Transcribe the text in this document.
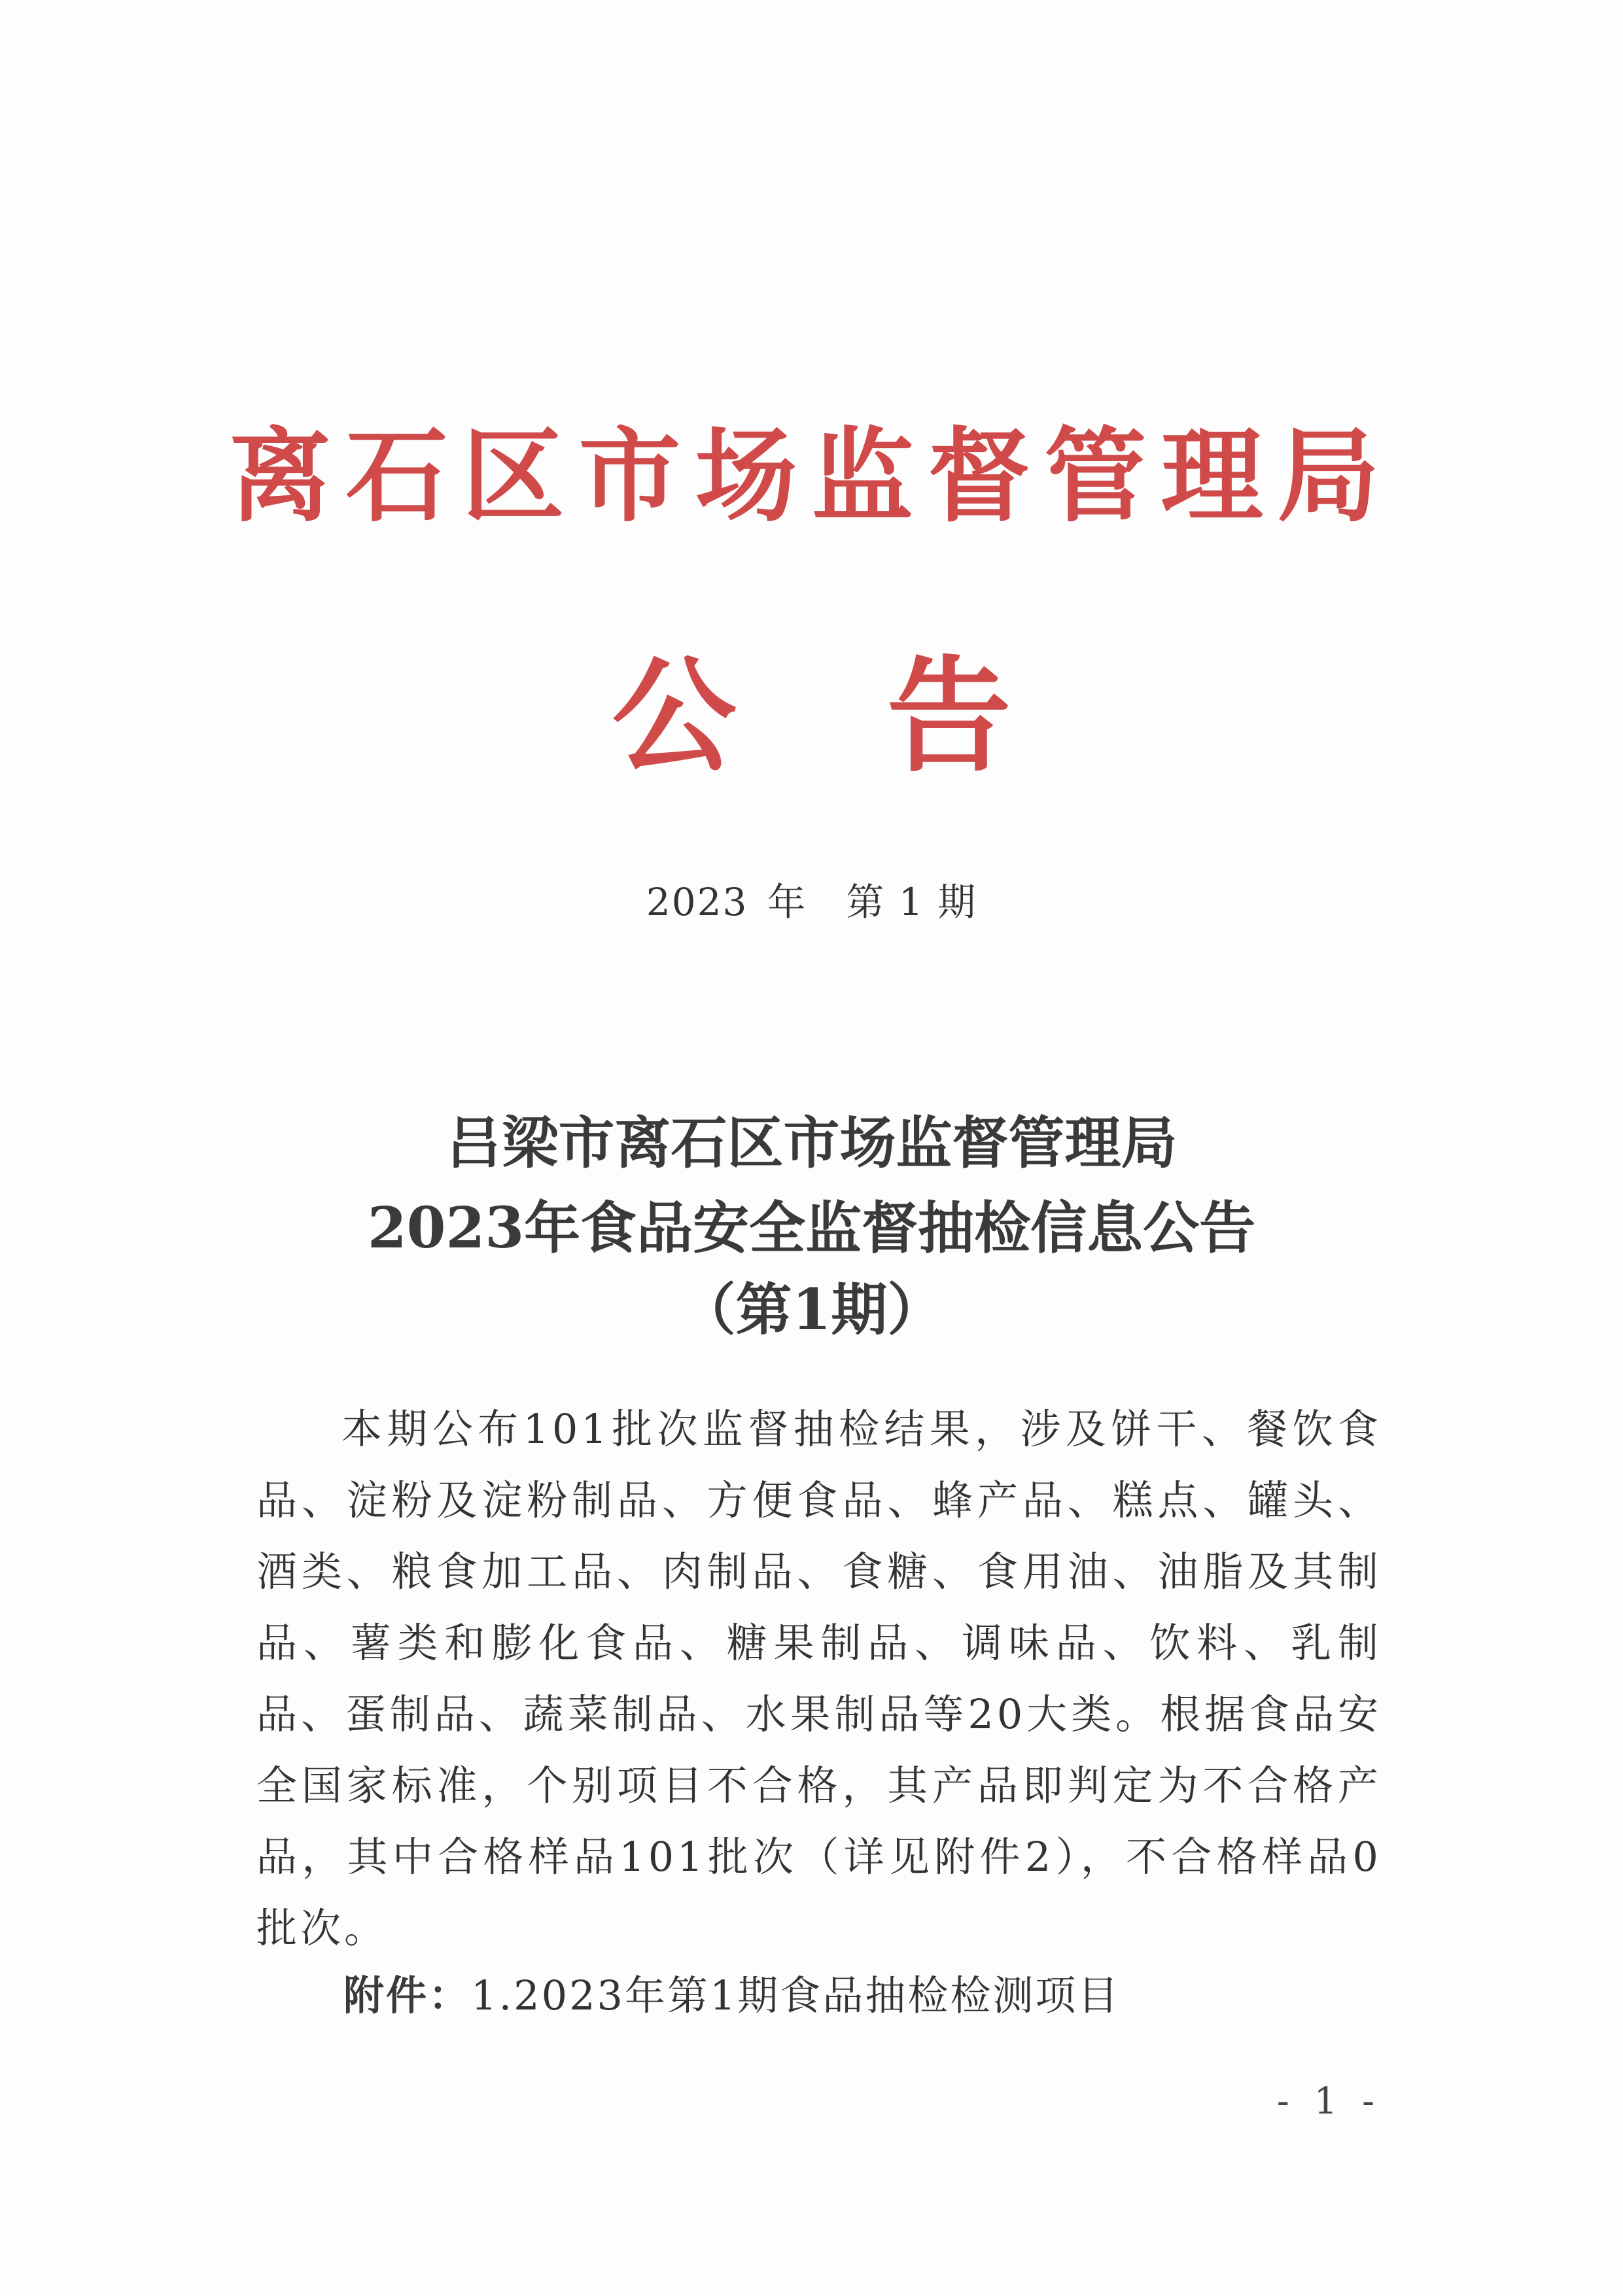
离石区市场监督管理局
公 告
2023 年 第 1 期
吕梁市离石区市场监督管理局
2023年食品安全监督抽检信息公告
（第1期）
本期公布101批次监督抽检结果，涉及饼干、餐饮食品、淀粉及淀粉制品、方便食品、蜂产品、糕点、罐头、酒类、粮食加工品、肉制品、食糖、食用油、油脂及其制品、薯类和膨化食品、糖果制品、调味品、饮料、乳制品、蛋制品、蔬菜制品、水果制品等20大类。根据食品安全国家标准，个别项目不合格，其产品即判定为不合格产品，其中合格样品101批次（详见附件2），不合格样品0批次。
附件：1.2023年第1期食品抽检检测项目
- 1 -
